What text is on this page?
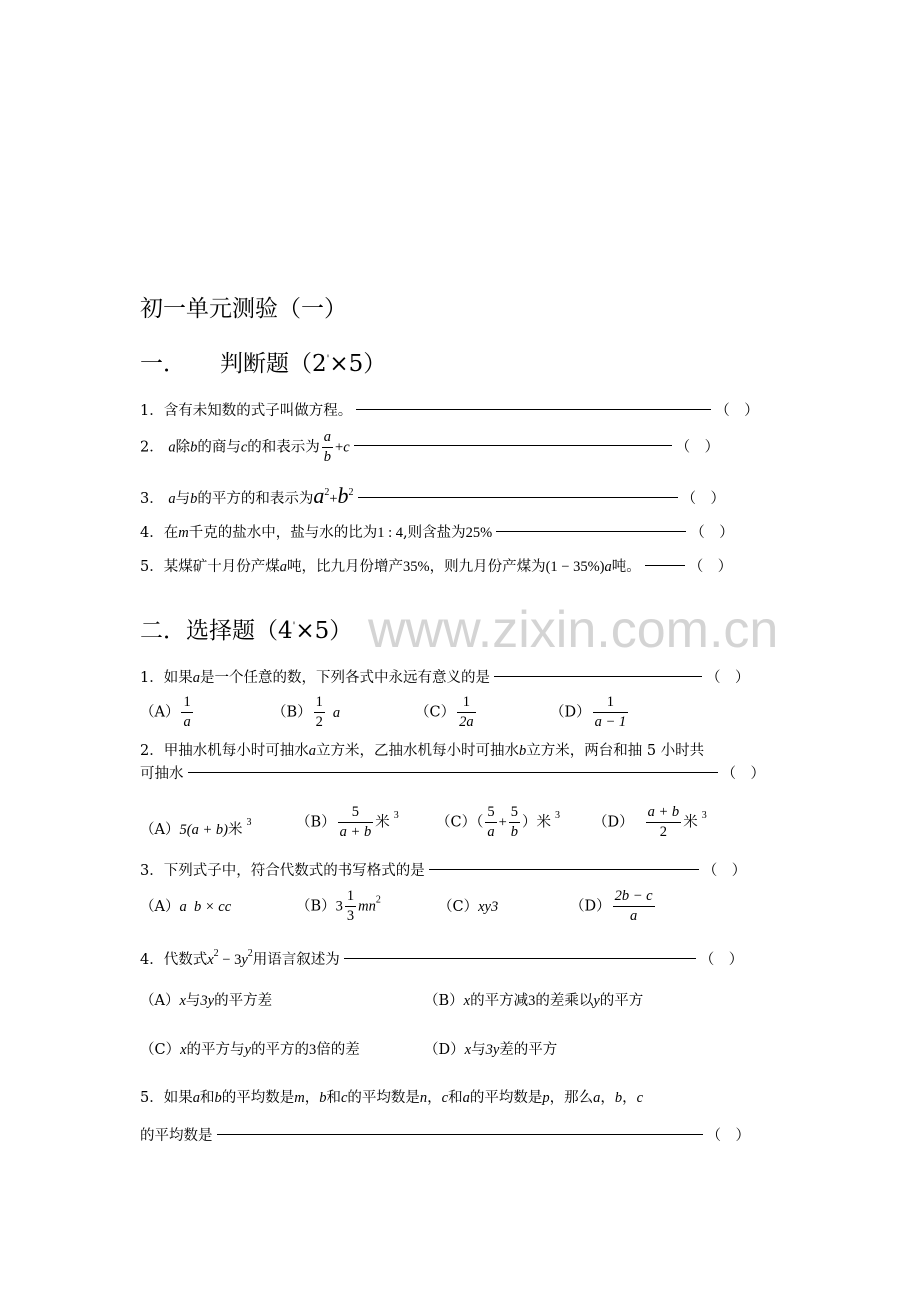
初一单元测验（一）
一． 判断题（2'×5）
1．含有未知数的式子叫做方程。	（　）
2． a除b的商与c的和表示为 $\frac{a}{b} +c$	（　）
3． a与b的平方的和表示为$a^2+b^2$	（　）
4．在m千克的盐水中，盐与水的比为1 : 4,则含盐为25%	（　）
5．某煤矿十月份产煤a吨，比九月份增产35%，则九月份产煤为(1 − 35%)a吨。	（　）
www.zixin.com.cn
二．选择题（4'×5）
1．如果a是一个任意的数，下列各式中永远有意义的是	（　）
$(A) \frac{1}{a}$	$(B) \frac{1}{2}$ a	$(C) \frac{1}{2a}$	$(D) \frac{1}{a - 1}$
2．甲抽水机每小时可抽水a立方米，乙抽水机每小时可抽水b立方米，两台和抽 5 小时共
可抽水	（　）
（A）5(a + b)米 $^3$	$(B) \frac{5}{a + b}$ 米 $^3$	$(C)( \frac{5}{a} + \frac{5}{b}$ ）米 $^3$ $(D) \frac{a + b}{2}$ 米 $^3$
3．下列式子中，符合代数式的书写格式的是	（　）
（A）a  b × cc	$(B)3 \frac{1}{3} mn^2$	（C）xy3	$(D) \frac{2b - c}{a}$
4．代数式$x^2 - 3y^2$用语言叙述为	（　）
（A）x与3y的平方差	（B）x的平方减3的差乘以y的平方
（C）x的平方与y的平方的3倍的差	（D）x与3y差的平方
5．如果a和b的平均数是m，b和c的平均数是n，c和a的平均数是p，那么a，b，c
的平均数是	（　）
